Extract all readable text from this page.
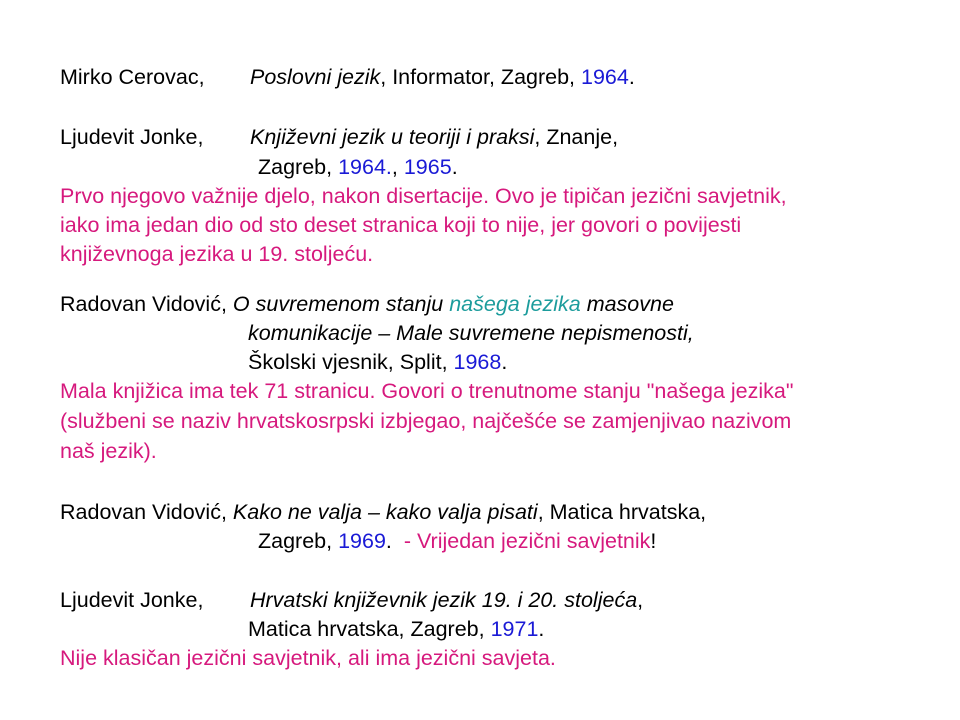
Mirko Cerovac, Poslovni jezik, Informator, Zagreb, 1964.
Ljudevit Jonke, Književni jezik u teoriji i praksi, Znanje,
Zagreb, 1964., 1965.
Prvo njegovo važnije djelo, nakon disertacije. Ovo je tipičan jezični savjetnik,
iako ima jedan dio od sto deset stranica koji to nije, jer govori o povijesti
književnoga jezika u 19. stoljeću.
Radovan Vidović, O suvremenom stanju našega jezika masovne
komunikacije – Male suvremene nepismenosti,
Školski vjesnik, Split, 1968.
Mala knjižica ima tek 71 stranicu. Govori o trenutnome stanju "našega jezika"
(službeni se naziv hrvatskosrpski izbjegao, najčešće se zamjenjivao nazivom
naš jezik).
Radovan Vidović, Kako ne valja – kako valja pisati, Matica hrvatska,
Zagreb, 1969. - Vrijedan jezični savjetnik!
Ljudevit Jonke, Hrvatski književnik jezik 19. i 20. stoljeća,
Matica hrvatska, Zagreb, 1971.
Nije klasičan jezični savjetnik, ali ima jezični savjeta.
